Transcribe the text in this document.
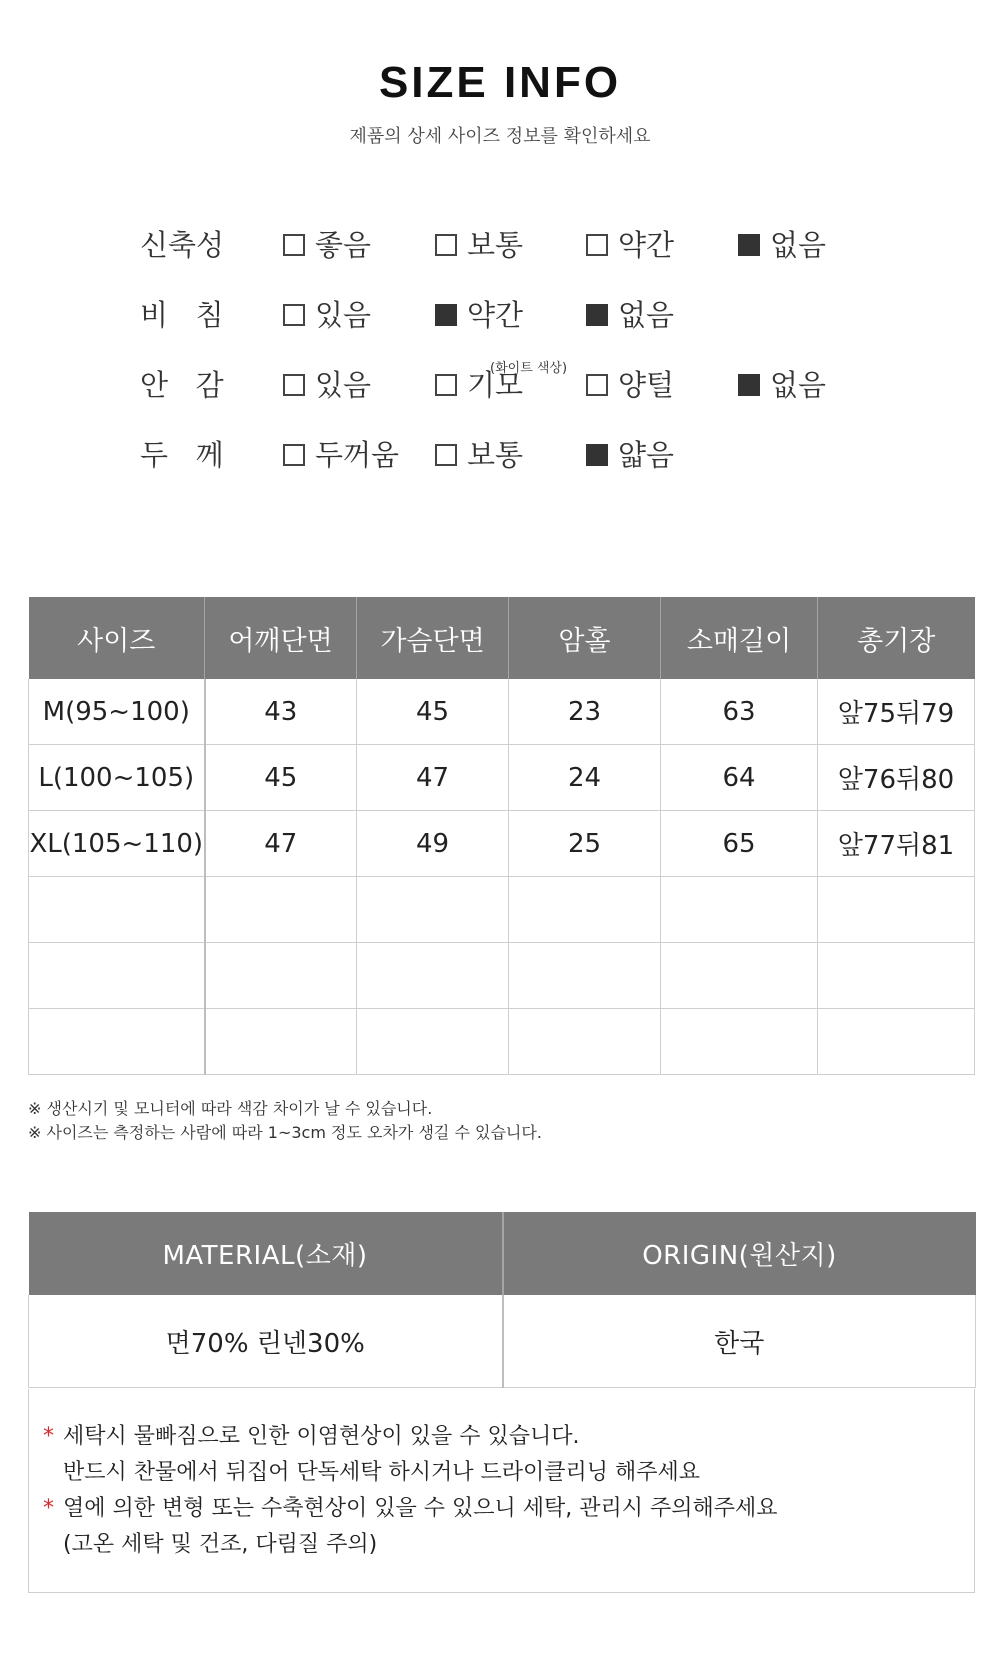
SIZE INFO
제품의 상세 사이즈 정보를 확인하세요
신축성	좋음	보통	약간	없음
비   침	있음	약간	없음
(화이트 색상)
안   감	있음	기모	양털	없음
두   께	두꺼움 보통	얇음
사이즈	어깨단면	가슴단면	암홀	소매길이	총기장
M(95~100)	43	45	23	63	앞75뒤79
L(100~105)	45	47	24	64	앞76뒤80
XL(105~110)	47	49	25	65	앞77뒤81

※ 생산시기 및 모니터에 따라 색감 차이가 날 수 있습니다.
※ 사이즈는 측정하는 사람에 따라 1~3cm 정도 오차가 생길 수 있습니다.
MATERIAL(소재)	ORIGIN(원산지)
면70% 린넨30%	한국
* 세탁시 물빠짐으로 인한 이염현상이 있을 수 있습니다.
반드시 찬물에서 뒤집어 단독세탁 하시거나 드라이클리닝 해주세요
* 열에 의한 변형 또는 수축현상이 있을 수 있으니 세탁, 관리시 주의해주세요
(고온 세탁 및 건조, 다림질 주의)
